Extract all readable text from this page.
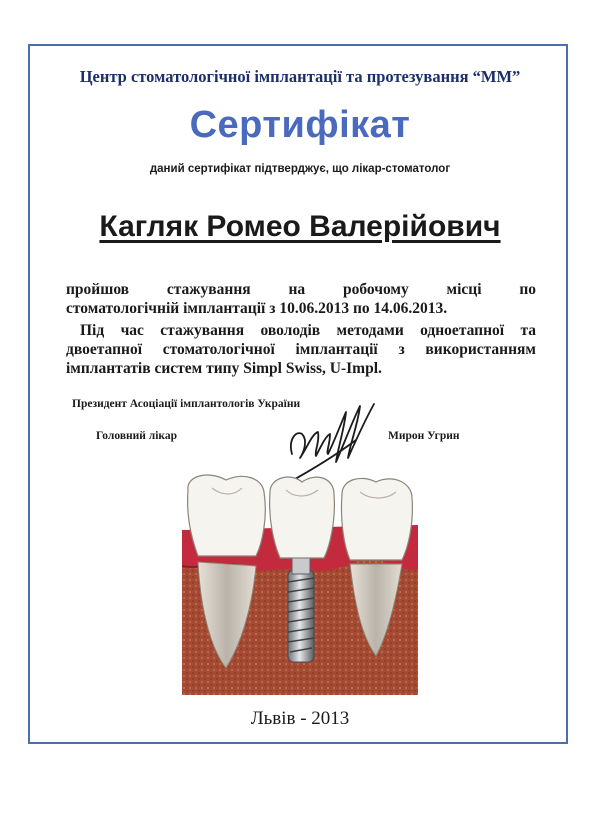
Центр стоматологічної імплантації та протезування “ММ”
Сертифікат
даний сертифікат підтверджує, що лікар-стоматолог
Кагляк Ромео Валерійович
пройшов стажування на робочому місці по
стоматологічній імплантації з 10.06.2013 по 14.06.2013.
Під час стажування оволодів методами одноетапної та
двоетапної стоматологічної імплантації з використанням
імплантатів систем типу Simpl Swiss, U-Impl.
Президент Асоціації імплантологів України
Головний лікар	Мирон Угрин
Львів - 2013
